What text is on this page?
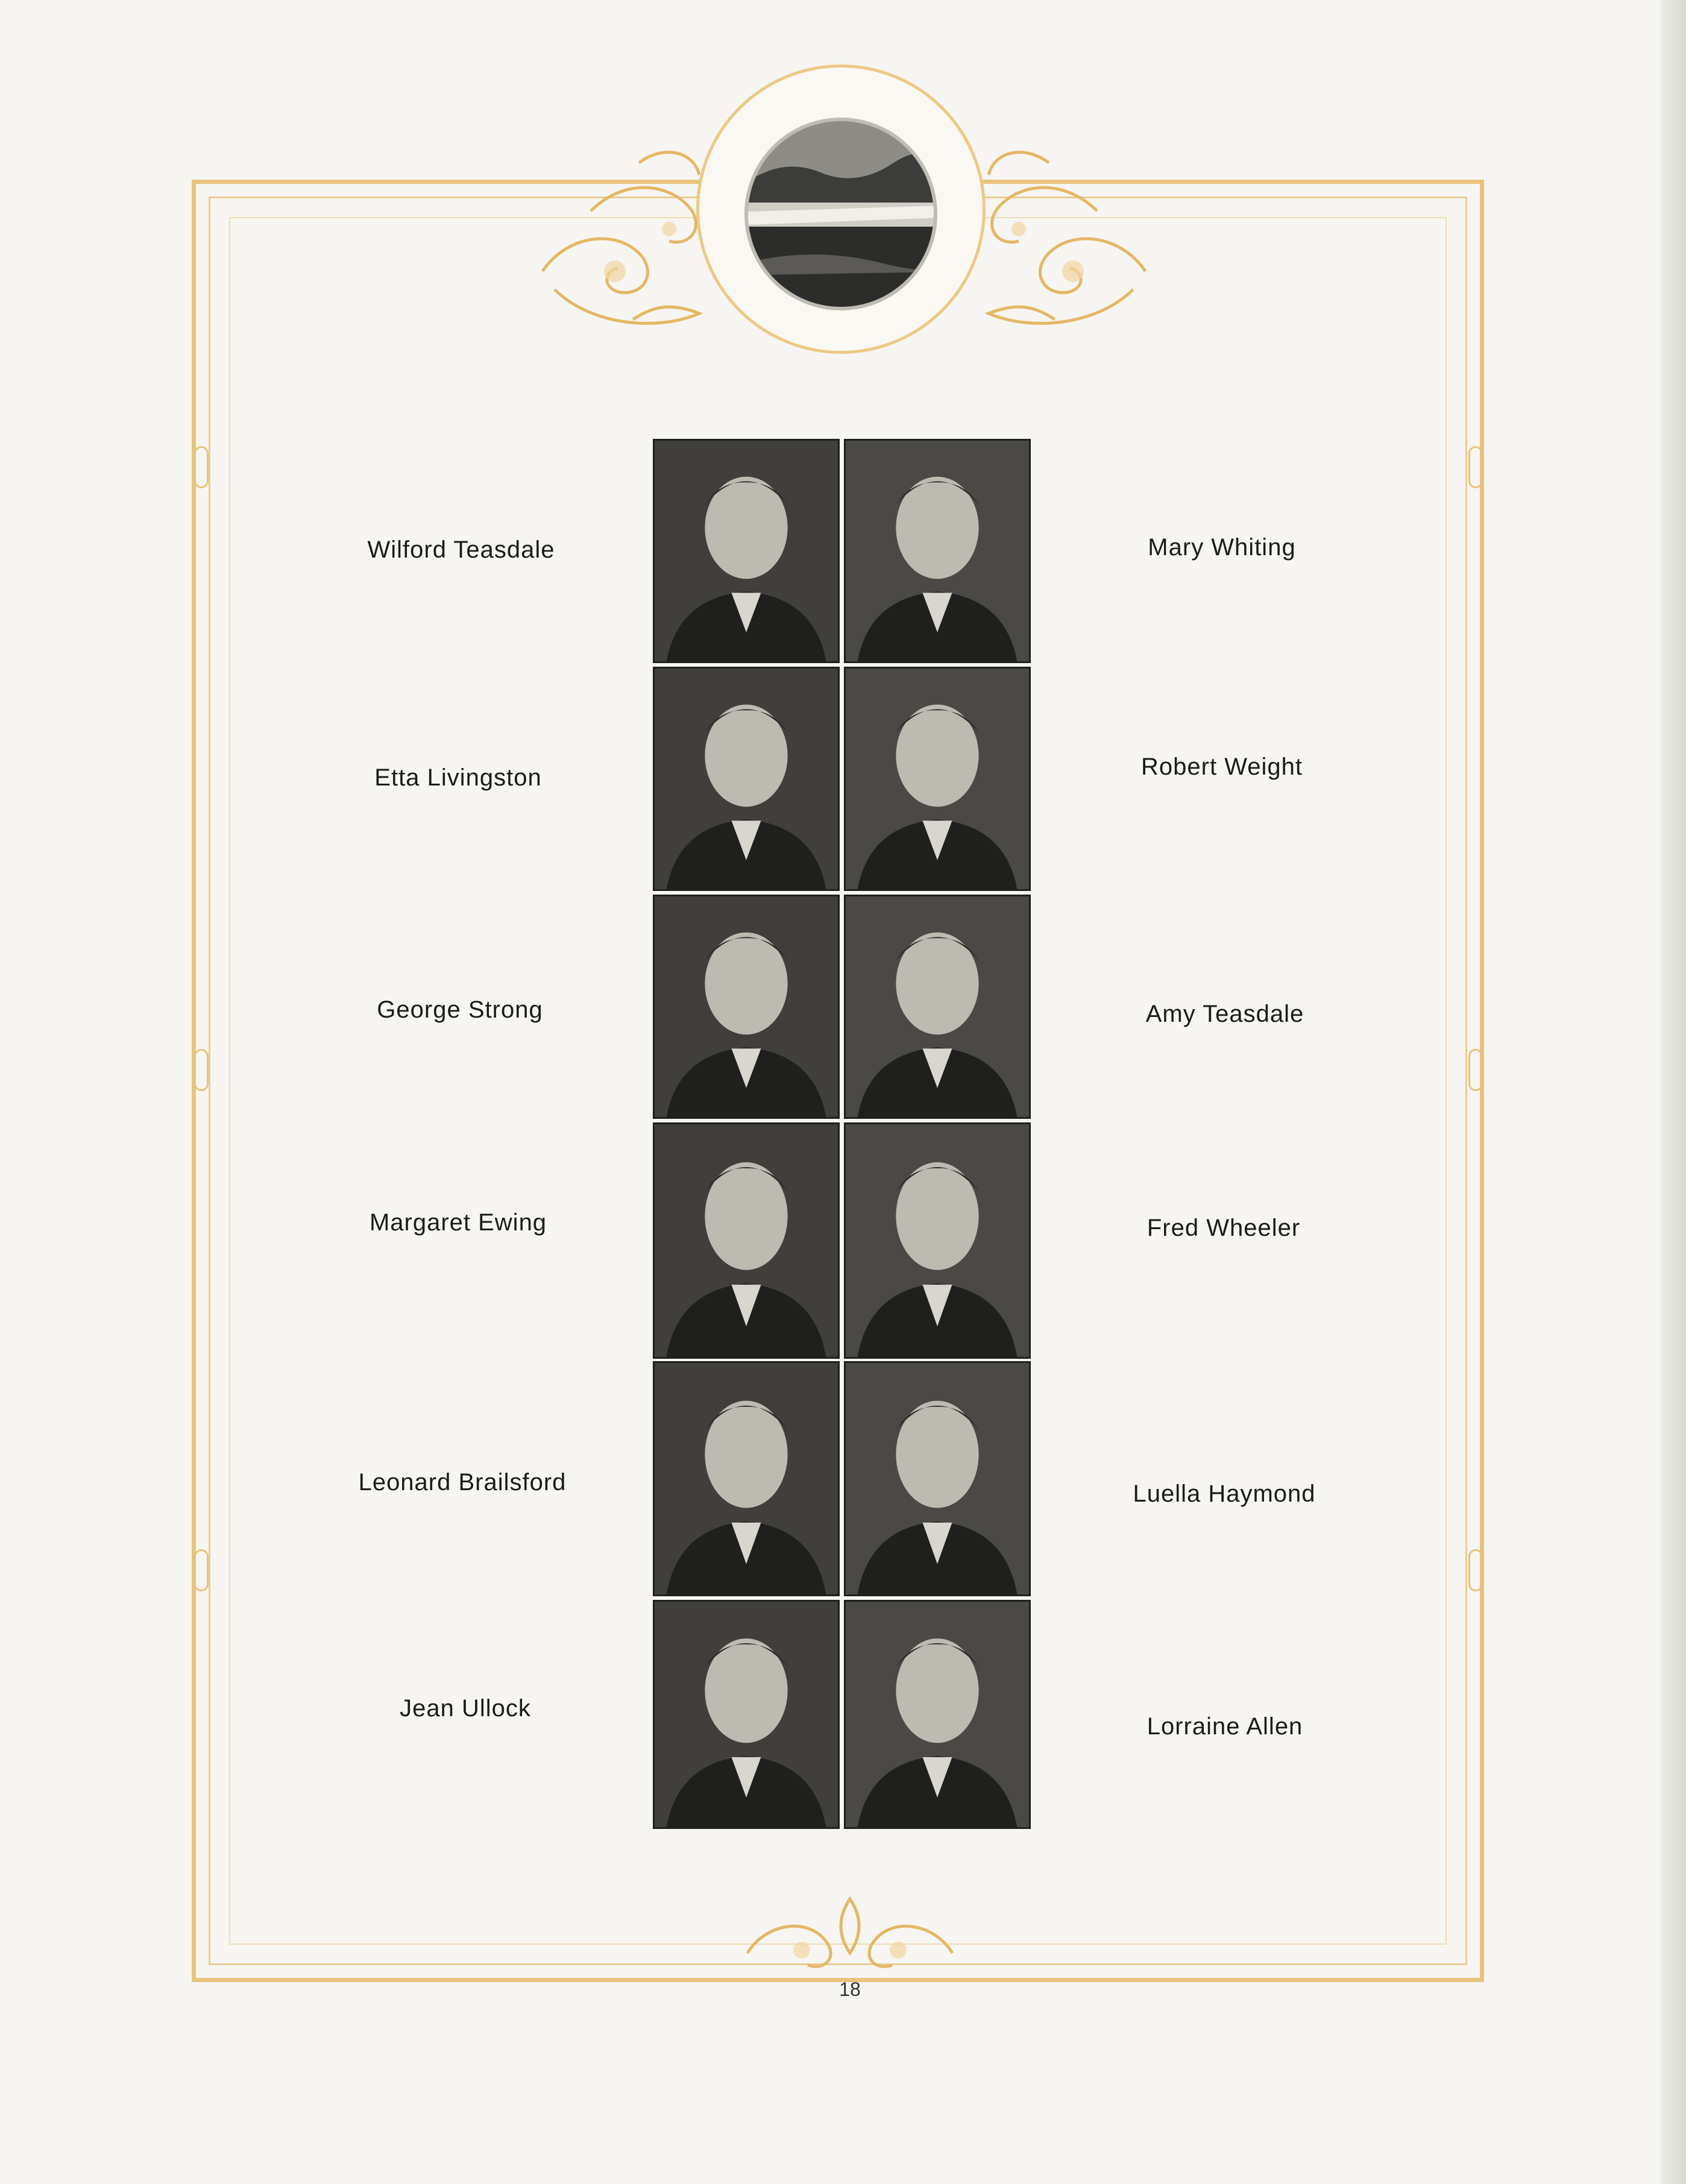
Wilford Teasdale
Etta Livingston
George Strong
Margaret Ewing
Leonard Brailsford
Jean Ullock
Mary Whiting
Robert Weight
Amy Teasdale
Fred Wheeler
Luella Haymond
Lorraine Allen
18
